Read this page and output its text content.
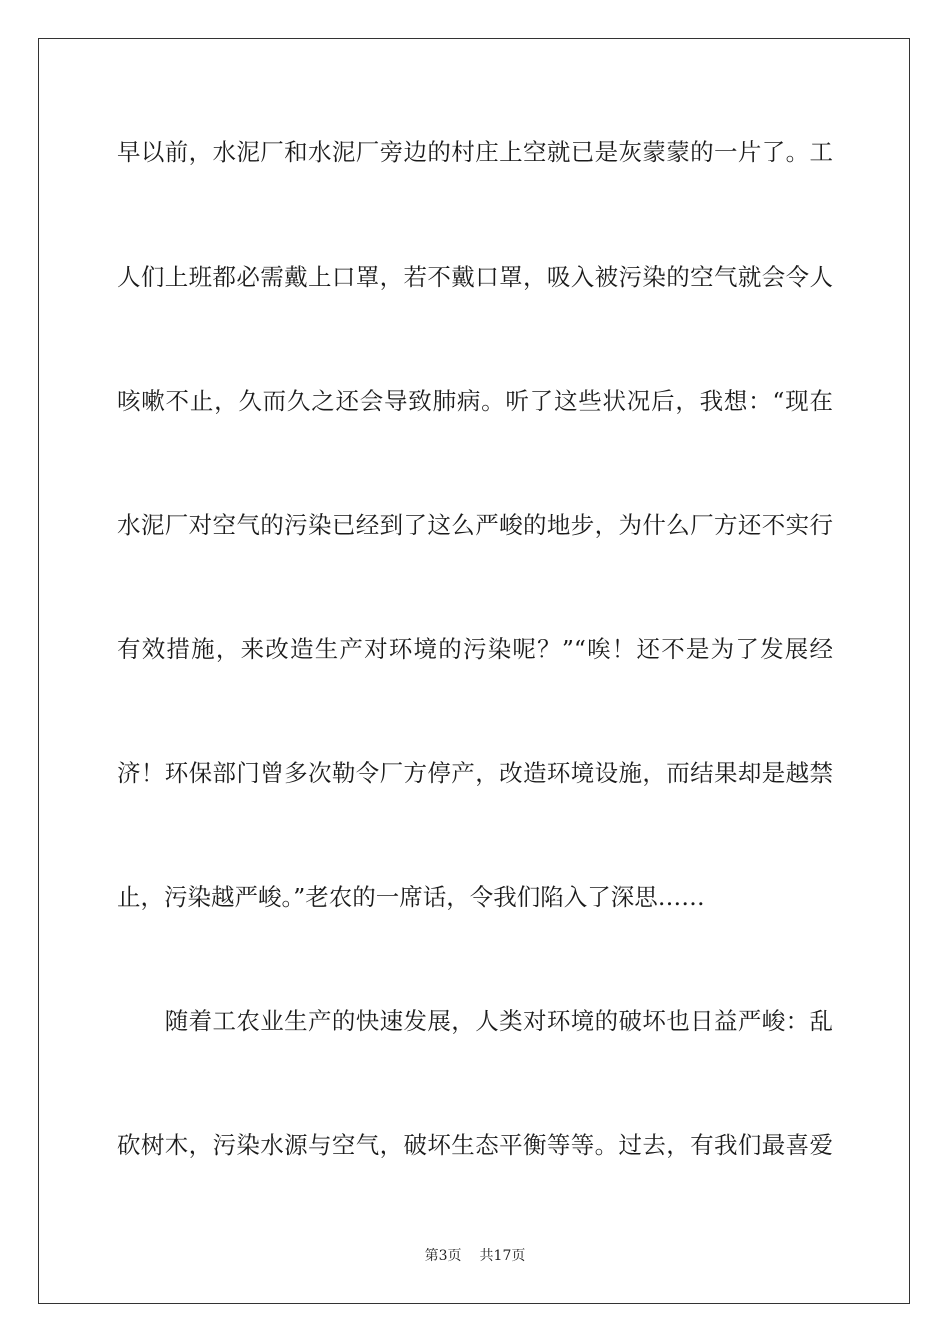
早以前，水泥厂和水泥厂旁边的村庄上空就已是灰蒙蒙的一片了。工
人们上班都必需戴上口罩，若不戴口罩，吸入被污染的空气就会令人
咳嗽不止，久而久之还会导致肺病。听了这些状况后，我想：“现在
水泥厂对空气的污染已经到了这么严峻的地步，为什么厂方还不实行
有效措施，来改造生产对环境的污染呢？”“唉！还不是为了发展经
济！环保部门曾多次勒令厂方停产，改造环境设施，而结果却是越禁
止，污染越严峻。”老农的一席话，令我们陷入了深思……
　　随着工农业生产的快速发展，人类对环境的破坏也日益严峻：乱
砍树木，污染水源与空气，破坏生态平衡等等。过去，有我们最喜爱
第3页 共17页
